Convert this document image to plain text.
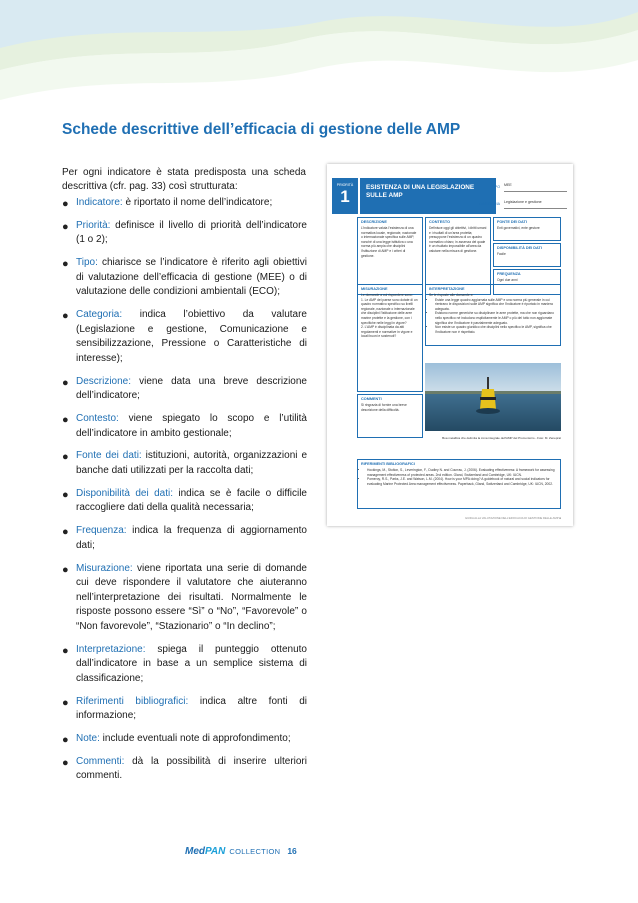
Schede descrittive dell’efficacia di gestione delle AMP
Per ogni indicatore è stata predisposta una scheda descrittiva (cfr. pag. 33) così strutturata:
● Indicatore: è riportato il nome dell’indicatore;
● Priorità: definisce il livello di priorità dell’indicatore (1 o 2);
● Tipo: chiarisce se l’indicatore è riferito agli obiettivi di valutazione dell’efficacia di gestione (MEE) o di valutazione delle condizioni ambientali (ECO);
● Categoria: indica l’obiettivo da valutare (Legislazione e gestione, Comunicazione e sensibilizzazione, Pressione o Caratteristiche di interesse);
● Descrizione: viene data una breve descrizione dell’indicatore;
● Contesto: viene spiegato lo scopo e l’utilità dell’indicatore in ambito gestionale;
● Fonte dei dati: istituzioni, autorità, organizzazioni e banche dati utilizzati per la raccolta dati;
● Disponibilità dei dati: indica se è facile o difficile raccogliere dati della qualità necessaria;
● Frequenza: indica la frequenza di aggiornamento dati;
● Misurazione: viene riportata una serie di domande cui deve rispondere il valutatore che aiuteranno nell’interpretazione dei risultati. Normalmente le risposte possono essere “Sì” o “No”, “Favorevole” o “Non favorevole”, “Stazionario” o “In declino”;
● Interpretazione: spiega il punteggio ottenuto dall’indicatore in base a un semplice sistema di classificazione;
● Riferimenti bibliografici: indica altre fonti di informazione;
● Note: include eventuali note di approfondimento;
● Commenti: dà la possibilità di inserire ulteriori commenti.
PRIORITÀ
1	ESISTENZA DI UNA LEGISLAZIONE SULLE AMP
TIPO MEE
CATEGORIA Legislazione e gestione
DESCRIZIONE
L’indicatore valuta l’esistenza di una normativa locale, regionale, nazionale o internazionale specifica sulle AMP, nonché di una legge istitutiva o una norma più ampia che disciplini l’istituzione di AMP e i criteri di gestione.
CONTESTO
Definisce oggi gli obiettivi, i diritti umani e i risultati di un’area protetta; presuppone l’esistenza di un quadro normativo chiaro; in assenza del quale è un risultato impossibile all’area da valutare nella misura di gestione.
FONTE DEI DATI
Enti governativi, ente gestore
DISPONIBILITÀ DEI DATI
Facile
FREQUENZA
Ogni due anni
MISURAZIONE
Le domande a cui rispondere sono:
1. Le AMP del paese sono dotate di un quadro normativo specifico su livelli regionale, nazionale o internazionale che disciplini l’istituzione delle aree marine protette e la gestione, con i specifiche nelle leggi in vigore?
2. L’AMP è disciplinata da atti regolamenti e normative in vigore e locali buoni e sostenuti?
INTERPRETAZIONE
Se le risposte alle domande e:
• Esiste una legge quadro aggiornata sulle AMP e una norma più generale in cui rientrano le disposizioni sulle AMP significa che l’indicatore è riportato in maniera adeguata.
• Esistono norme generiche su disciplinare le aree protette, ma che non riguardano nello specifico né includono esplicitamente le AMP o più del tutto non aggiornate significa che l’indicatore è parzialmente adeguato.
• Non esiste un quadro giuridico che disciplini nello specifico le AMP, significa che l’indicatore non è rispettato.
COMMENTI
Si ringrazia di fornire una breve descrizione della difficoltà.
Boa metallica che delimita la zona integrale dell’AMP del Promontorio - Foto: M. Zeneprat
RIFERIMENTI BIBLIOGRAFICI
• Hockings, M., Stolton, S., Leverington, F., Dudley N. and Courrau, J. (2006). Evaluating effectiveness: A framework for assessing management effectiveness of protected areas. 2nd edition. Gland, Switzerland and Cambridge, UK: IUCN.
• Pomeroy, R.S., Parks, J.E. and Watson, L.M. (2004). How is your MPA doing? A guidebook of natural and social indicators for evaluating Marine Protected Area management effectiveness. Paperback, Gland, Switzerland and Cambridge, UK: IUCN, 2002.
GUIDA ALLA VALUTAZIONE DELL’EFFICACIA DI GESTIONE DELLE AMP ■
MedPAN COLLECTION 16
